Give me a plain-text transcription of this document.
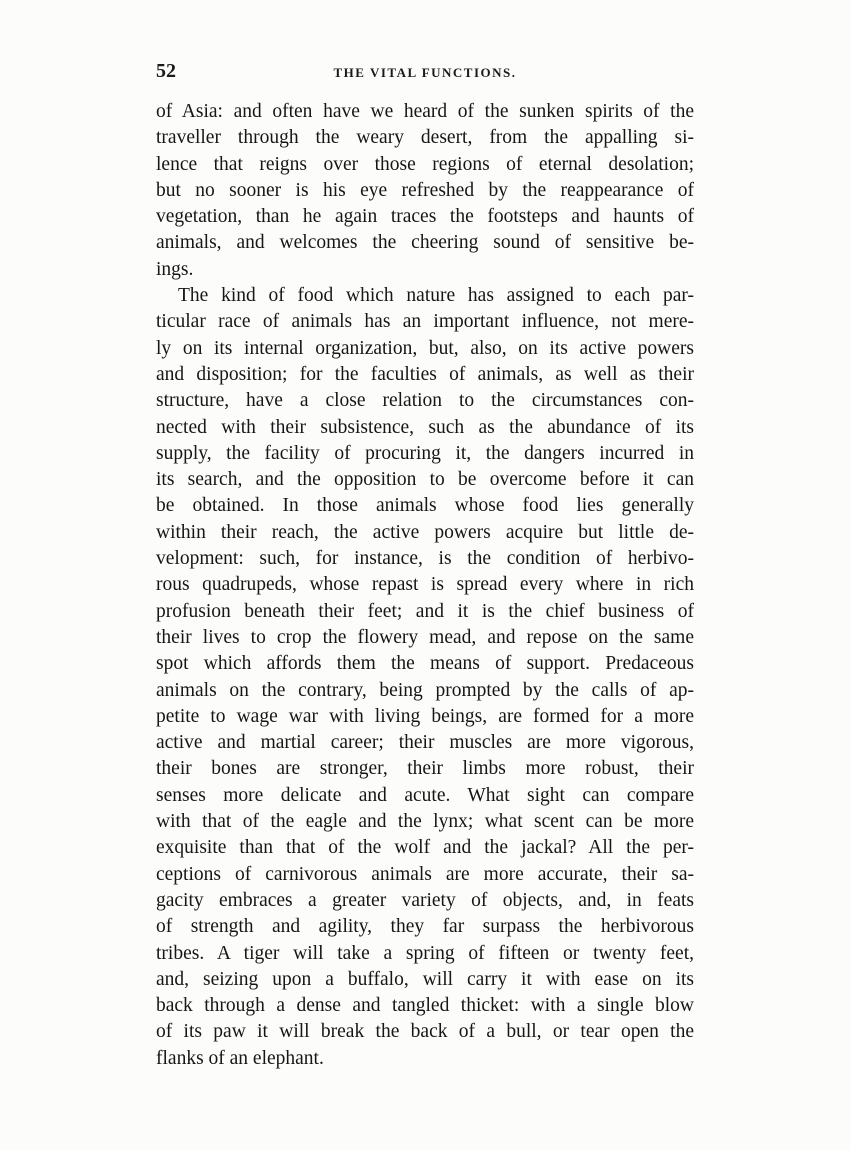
52	THE VITAL FUNCTIONS.
of Asia: and often have we heard of the sunken spirits of the
traveller through the weary desert, from the appalling si-
lence that reigns over those regions of eternal desolation;
but no sooner is his eye refreshed by the reappearance of
vegetation, than he again traces the footsteps and haunts of
animals, and welcomes the cheering sound of sensitive be-
ings.
The kind of food which nature has assigned to each par-
ticular race of animals has an important influence, not mere-
ly on its internal organization, but, also, on its active powers
and disposition; for the faculties of animals, as well as their
structure, have a close relation to the circumstances con-
nected with their subsistence, such as the abundance of its
supply, the facility of procuring it, the dangers incurred in
its search, and the opposition to be overcome before it can
be obtained. In those animals whose food lies generally
within their reach, the active powers acquire but little de-
velopment: such, for instance, is the condition of herbivo-
rous quadrupeds, whose repast is spread every where in rich
profusion beneath their feet; and it is the chief business of
their lives to crop the flowery mead, and repose on the same
spot which affords them the means of support. Predaceous
animals on the contrary, being prompted by the calls of ap-
petite to wage war with living beings, are formed for a more
active and martial career; their muscles are more vigorous,
their bones are stronger, their limbs more robust, their
senses more delicate and acute. What sight can compare
with that of the eagle and the lynx; what scent can be more
exquisite than that of the wolf and the jackal? All the per-
ceptions of carnivorous animals are more accurate, their sa-
gacity embraces a greater variety of objects, and, in feats
of strength and agility, they far surpass the herbivorous
tribes. A tiger will take a spring of fifteen or twenty feet,
and, seizing upon a buffalo, will carry it with ease on its
back through a dense and tangled thicket: with a single blow
of its paw it will break the back of a bull, or tear open the
flanks of an elephant.
